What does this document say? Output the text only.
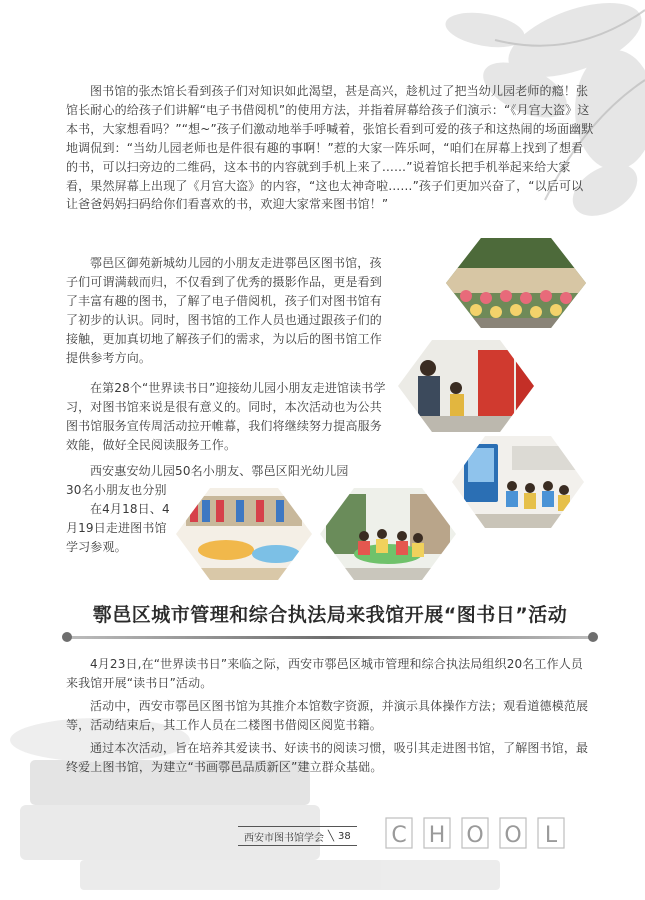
C H O O L

图书馆的张杰馆长看到孩子们对知识如此渴望，甚是高兴，趁机过了把当幼儿园老师的瘾！张馆长耐心的给孩子们讲解“电子书借阅机”的使用方法，并指着屏幕给孩子们演示：“《月宫大盗》这本书，大家想看吗？”“想~”孩子们激动地举手呼喊着，张馆长看到可爱的孩子和这热闹的场面幽默地调侃到：“当幼儿园老师也是件很有趣的事啊！”惹的大家一阵乐呵，“咱们在屏幕上找到了想看的书，可以扫旁边的二维码，这本书的内容就到手机上来了……”说着馆长把手机举起来给大家看，果然屏幕上出现了《月宫大盗》的内容，“这也太神奇啦……”孩子们更加兴奋了，“以后可以让爸爸妈妈扫码给你们看喜欢的书，欢迎大家常来图书馆！”

鄠邑区御苑新城幼儿园的小朋友走进鄠邑区图书馆，孩子们可谓满载而归，不仅看到了优秀的摄影作品，更是看到了丰富有趣的图书，了解了电子借阅机，孩子们对图书馆有了初步的认识。同时，图书馆的工作人员也通过跟孩子们的接触，更加真切地了解孩子们的需求，为以后的图书馆工作提供参考方向。

在第28个“世界读书日”迎接幼儿园小朋友走进馆读书学习，对图书馆来说是很有意义的。同时，本次活动也为公共图书馆服务宣传周活动拉开帷幕，我们将继续努力提高服务效能，做好全民阅读服务工作。

西安惠安幼儿园50名小朋友、鄠邑区阳光幼儿园30名小朋友也分别
在4月18日、4月19日走进图书馆学习参观。

鄠邑区城市管理和综合执法局来我馆开展“图书日”活动

4月23日,在“世界读书日”来临之际，西安市鄠邑区城市管理和综合执法局组织20名工作人员来我馆开展“读书日”活动。

活动中，西安市鄠邑区图书馆为其推介本馆数字资源，并演示具体操作方法；观看道德模范展等，活动结束后，其工作人员在二楼图书借阅区阅览书籍。

通过本次活动，旨在培养其爱读书、好读书的阅读习惯，吸引其走进图书馆，了解图书馆，最终爱上图书馆，为建立“书画鄠邑品质新区”建立群众基础。

西安市图书馆学会 ╲ 38
